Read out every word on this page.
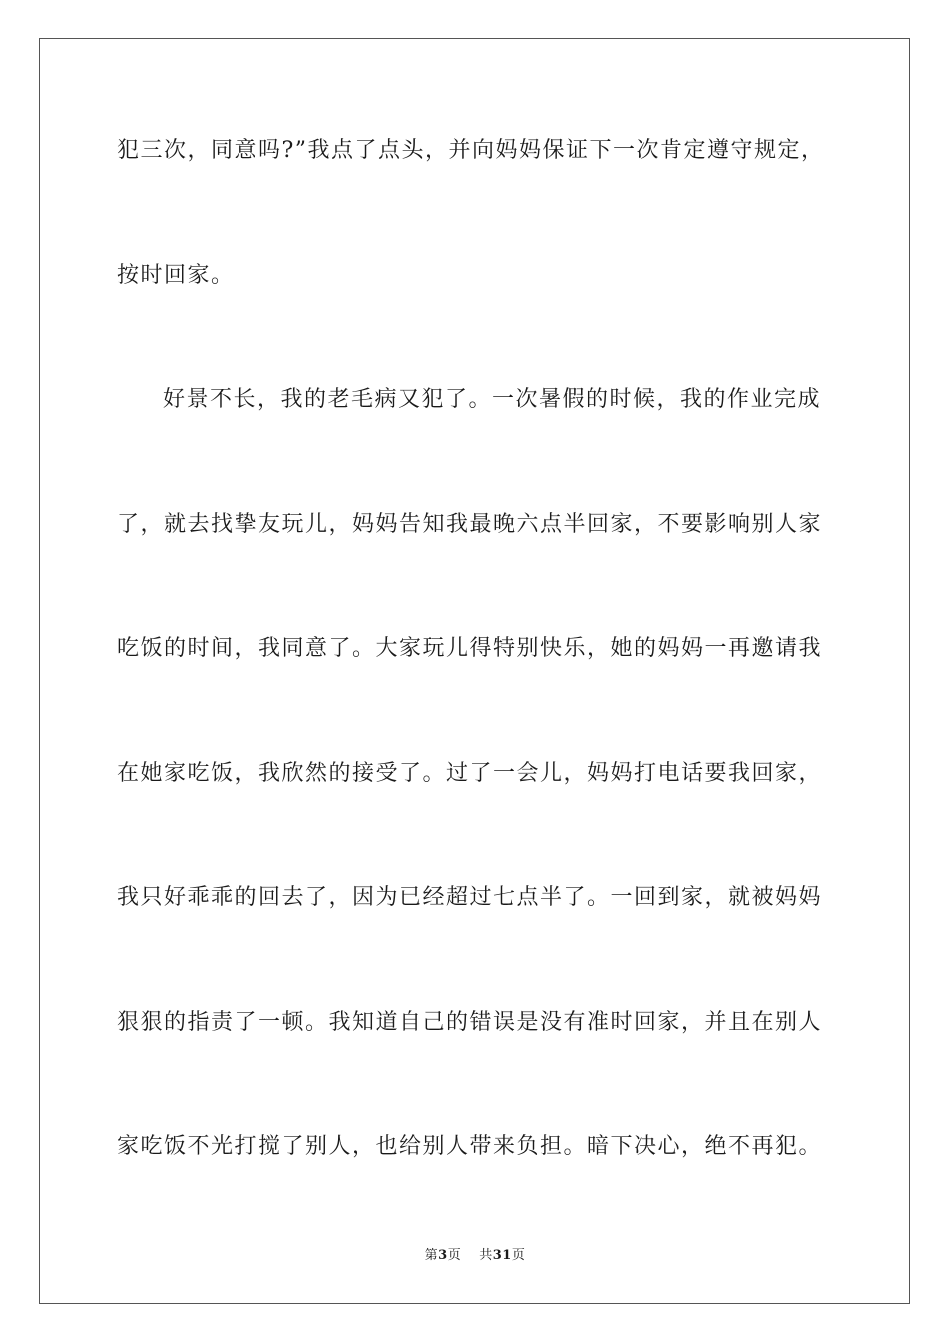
犯三次，同意吗?”我点了点头，并向妈妈保证下一次肯定遵守规定，
按时回家。
好景不长，我的老毛病又犯了。一次暑假的时候，我的作业完成
了，就去找挚友玩儿，妈妈告知我最晚六点半回家，不要影响别人家
吃饭的时间，我同意了。大家玩儿得特别快乐，她的妈妈一再邀请我
在她家吃饭，我欣然的接受了。过了一会儿，妈妈打电话要我回家，
我只好乖乖的回去了，因为已经超过七点半了。一回到家，就被妈妈
狠狠的指责了一顿。我知道自己的错误是没有准时回家，并且在别人
家吃饭不光打搅了别人，也给别人带来负担。暗下决心，绝不再犯。
第3页 共31页
